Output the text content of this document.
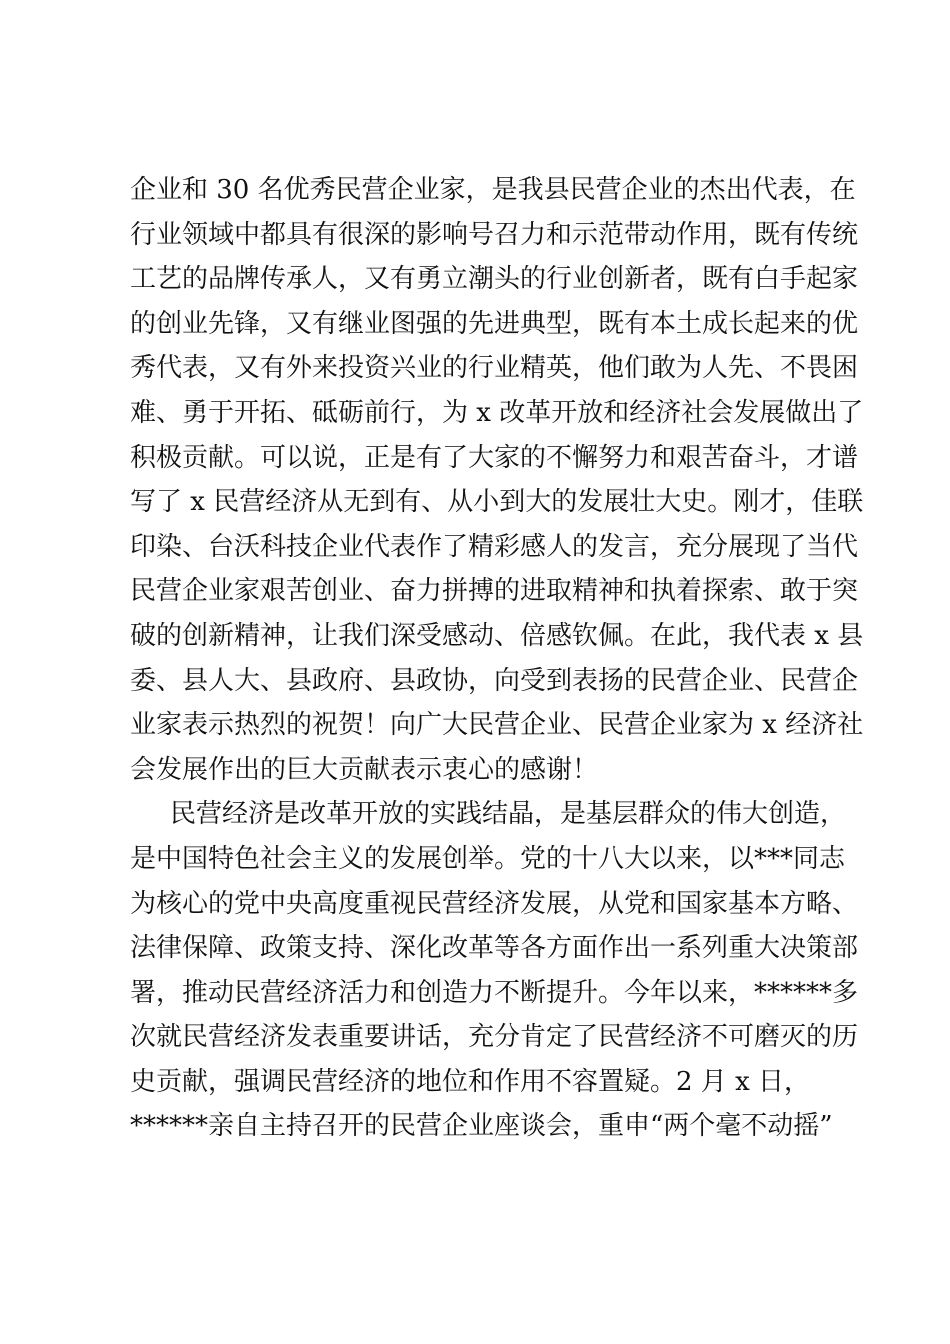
企业和 30 名优秀民营企业家，是我县民营企业的杰出代表，在
行业领域中都具有很深的影响号召力和示范带动作用，既有传统
工艺的品牌传承人，又有勇立潮头的行业创新者，既有白手起家
的创业先锋，又有继业图强的先进典型，既有本土成长起来的优
秀代表，又有外来投资兴业的行业精英，他们敢为人先、不畏困
难、勇于开拓、砥砺前行，为 x 改革开放和经济社会发展做出了
积极贡献。可以说，正是有了大家的不懈努力和艰苦奋斗，才谱
写了 x 民营经济从无到有、从小到大的发展壮大史。刚才，佳联
印染、台沃科技企业代表作了精彩感人的发言，充分展现了当代
民营企业家艰苦创业、奋力拼搏的进取精神和执着探索、敢于突
破的创新精神，让我们深受感动、倍感钦佩。在此，我代表 x 县
委、县人大、县政府、县政协，向受到表扬的民营企业、民营企
业家表示热烈的祝贺！向广大民营企业、民营企业家为 x 经济社
会发展作出的巨大贡献表示衷心的感谢！
民营经济是改革开放的实践结晶，是基层群众的伟大创造，
是中国特色社会主义的发展创举。党的十八大以来，以***同志
为核心的党中央高度重视民营经济发展，从党和国家基本方略、
法律保障、政策支持、深化改革等各方面作出一系列重大决策部
署，推动民营经济活力和创造力不断提升。今年以来，******多
次就民营经济发表重要讲话，充分肯定了民营经济不可磨灭的历
史贡献，强调民营经济的地位和作用不容置疑。2 月 x 日，
******亲自主持召开的民营企业座谈会，重申“两个毫不动摇”
